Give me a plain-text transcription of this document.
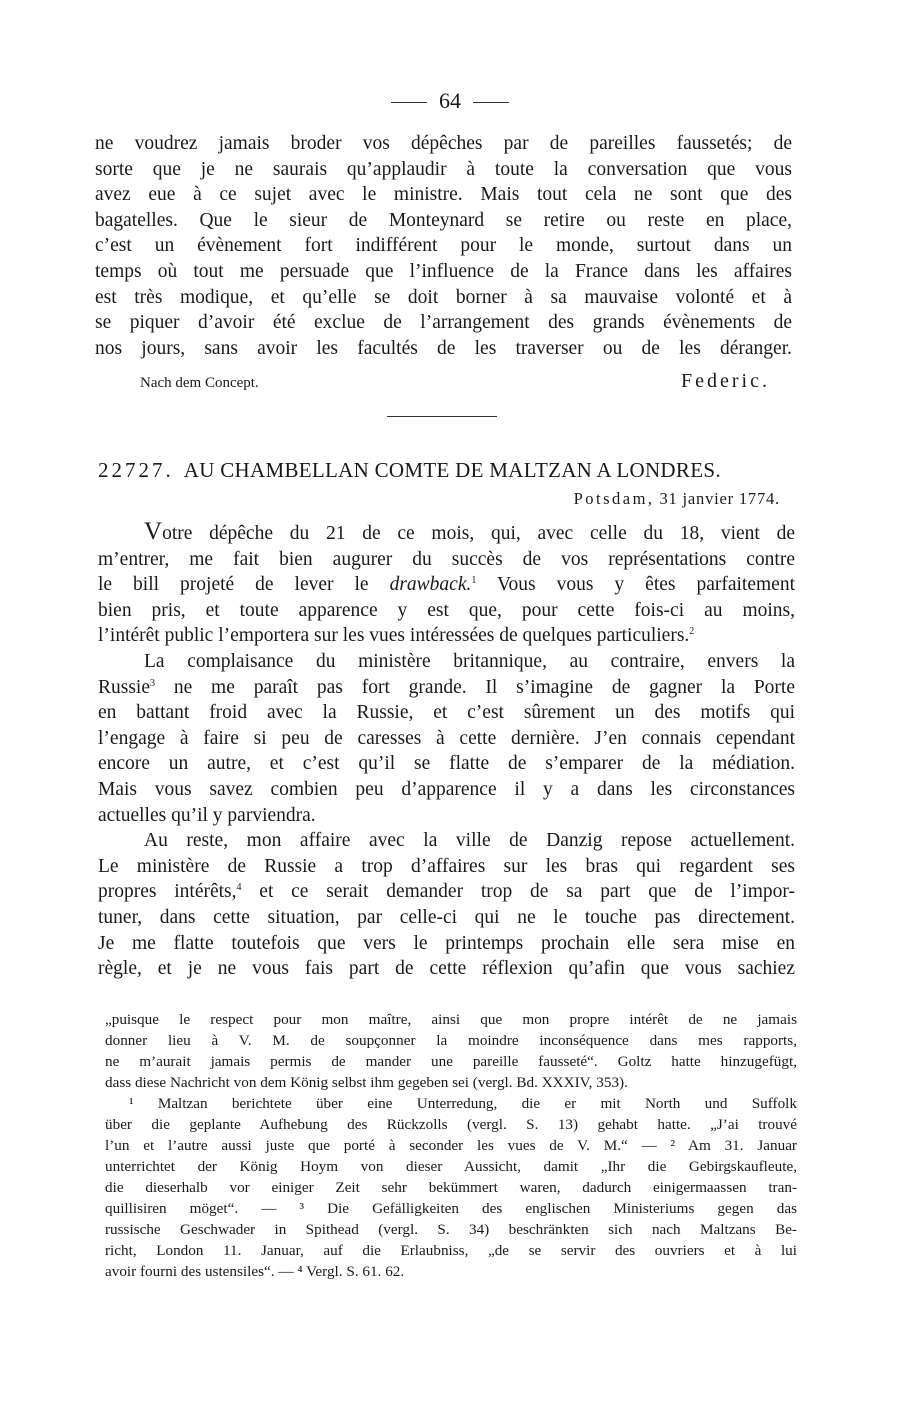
64
ne voudrez jamais broder vos dépêches par de pareilles faussetés; de
sorte que je ne saurais qu’applaudir à toute la conversation que vous
avez eue à ce sujet avec le ministre. Mais tout cela ne sont que des
bagatelles. Que le sieur de Monteynard se retire ou reste en place,
c’est un évènement fort indifférent pour le monde, surtout dans un
temps où tout me persuade que l’influence de la France dans les affaires
est très modique, et qu’elle se doit borner à sa mauvaise volonté et à
se piquer d’avoir été exclue de l’arrangement des grands évènements de
nos jours, sans avoir les facultés de les traverser ou de les déranger.
Nach dem Concept.	Federic.
22727. AU CHAMBELLAN COMTE DE MALTZAN A LONDRES.
Potsdam, 31 janvier 1774.
Votre dépêche du 21 de ce mois, qui, avec celle du 18, vient de
m’entrer, me fait bien augurer du succès de vos représentations contre
le bill projeté de lever le drawback.$^1$ Vous vous y êtes parfaitement
bien pris, et toute apparence y est que, pour cette fois-ci au moins,
l’intérêt public l’emportera sur les vues intéressées de quelques particuliers.$^2$
La complaisance du ministère britannique, au contraire, envers la
Russie$^3$ ne me paraît pas fort grande. Il s’imagine de gagner la Porte
en battant froid avec la Russie, et c’est sûrement un des motifs qui
l’engage à faire si peu de caresses à cette dernière. J’en connais cependant
encore un autre, et c’est qu’il se flatte de s’emparer de la médiation.
Mais vous savez combien peu d’apparence il y a dans les circonstances
actuelles qu’il y parviendra.
Au reste, mon affaire avec la ville de Danzig repose actuellement.
Le ministère de Russie a trop d’affaires sur les bras qui regardent ses
propres intérêts,$^4$ et ce serait demander trop de sa part que de l’impor-
tuner, dans cette situation, par celle-ci qui ne le touche pas directement.
Je me flatte toutefois que vers le printemps prochain elle sera mise en
règle, et je ne vous fais part de cette réflexion qu’afin que vous sachiez
„puisque le respect pour mon maître, ainsi que mon propre intérêt de ne jamais
donner lieu à V. M. de soupçonner la moindre inconséquence dans mes rapports,
ne m’aurait jamais permis de mander une pareille fausseté“. Goltz hatte hinzugefügt,
dass diese Nachricht von dem König selbst ihm gegeben sei (vergl. Bd. XXXIV, 353).
¹ Maltzan berichtete über eine Unterredung, die er mit North und Suffolk
über die geplante Aufhebung des Rückzolls (vergl. S. 13) gehabt hatte. „J’ai trouvé
l’un et l’autre aussi juste que porté à seconder les vues de V. M.“ — ² Am 31. Januar
unterrichtet der König Hoym von dieser Aussicht, damit „Ihr die Gebirgskaufleute,
die dieserhalb vor einiger Zeit sehr bekümmert waren, dadurch einigermaassen tran-
quillisiren möget“. — ³ Die Gefälligkeiten des englischen Ministeriums gegen das
russische Geschwader in Spithead (vergl. S. 34) beschränkten sich nach Maltzans Be-
richt, London 11. Januar, auf die Erlaubniss, „de se servir des ouvriers et à lui
avoir fourni des ustensiles“. — ⁴ Vergl. S. 61. 62.
